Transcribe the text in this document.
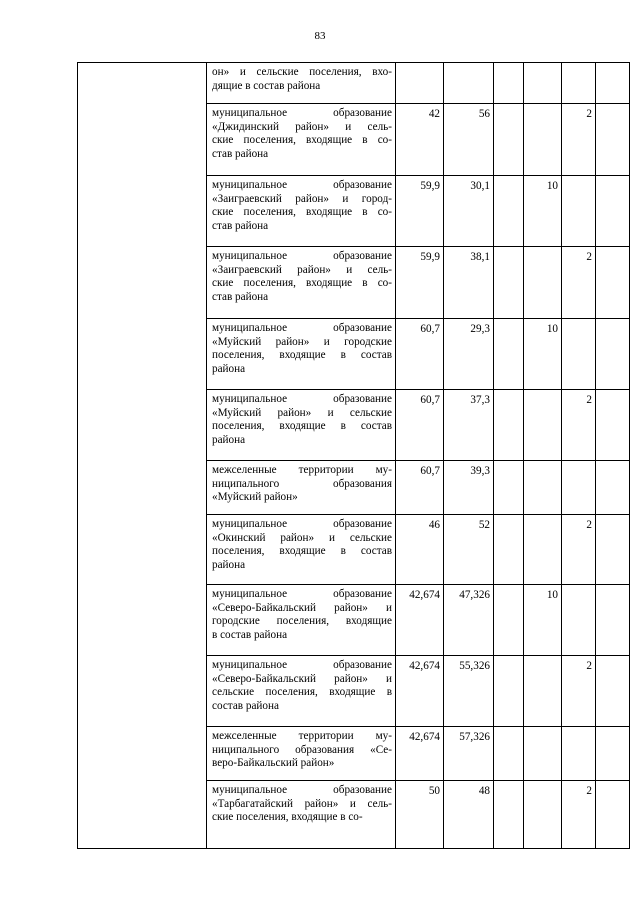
83

	он» и сельские поселения, вхо-
дящие в состав района						

	муниципальное образование
«Джидинский район» и сель-
ские поселения, входящие в со-
став района	42	56			2	

	муниципальное образование
«Заиграевский район» и город-
ские поселения, входящие в со-
став района	59,9	30,1		10		

	муниципальное образование
«Заиграевский район» и сель-
ские поселения, входящие в со-
став района	59,9	38,1			2	

	муниципальное образование
«Муйский район» и городские
поселения, входящие в состав
района	60,7	29,3		10		

	муниципальное образование
«Муйский район» и сельские
поселения, входящие в состав
района	60,7	37,3			2	

	межселенные территории му-
ниципального образования
«Муйский район»	60,7	39,3				

	муниципальное образование
«Окинский район» и сельские
поселения, входящие в состав
района	46	52			2	

	муниципальное образование
«Северо-Байкальский район» и
городские поселения, входящие
в состав района	42,674	47,326		10		

	муниципальное образование
«Северо-Байкальский район» и
сельские поселения, входящие в
состав района	42,674	55,326			2	

	межселенные территории му-
ниципального образования «Се-
веро-Байкальский район»	42,674	57,326				

	муниципальное образование
«Тарбагатайский район» и сель-
ские поселения, входящие в со-	50	48			2	
